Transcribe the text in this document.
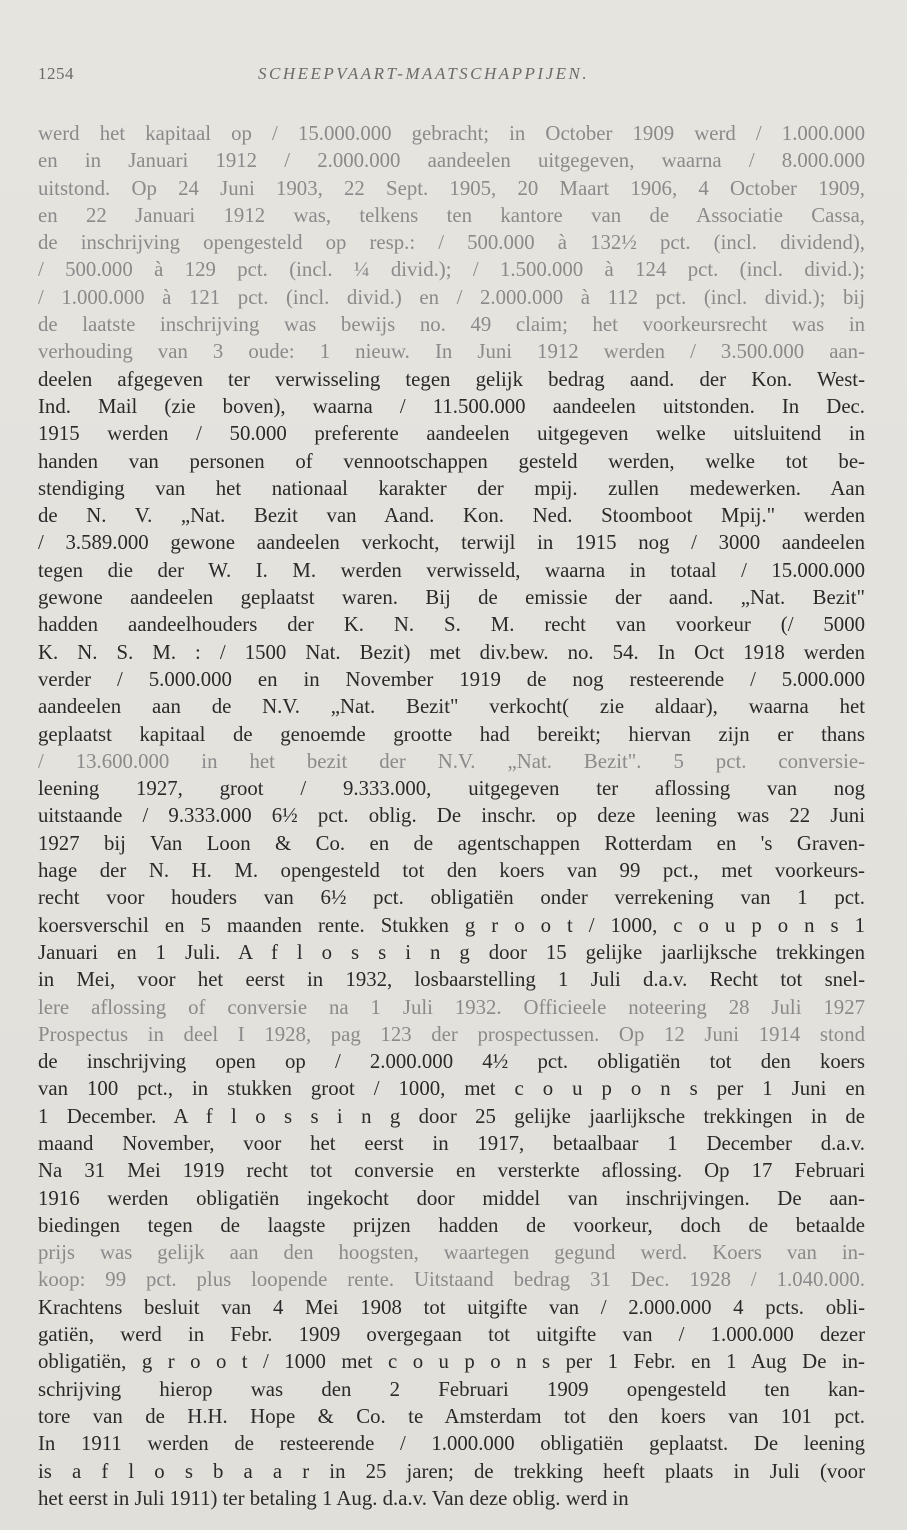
1254	SCHEEPVAART-MAATSCHAPPIJEN.
werd het kapitaal op / 15.000.000 gebracht; in October 1909 werd / 1.000.000
en in Januari 1912 / 2.000.000 aandeelen uitgegeven, waarna / 8.000.000
uitstond. Op 24 Juni 1903, 22 Sept. 1905, 20 Maart 1906, 4 October 1909,
en 22 Januari 1912 was, telkens ten kantore van de Associatie Cassa,
de inschrijving opengesteld op resp.: / 500.000 à 132½ pct. (incl. dividend),
/ 500.000 à 129 pct. (incl. ¼ divid.); / 1.500.000 à 124 pct. (incl. divid.);
/ 1.000.000 à 121 pct. (incl. divid.) en / 2.000.000 à 112 pct. (incl. divid.); bij
de laatste inschrijving was bewijs no. 49 claim; het voorkeursrecht was in
verhouding van 3 oude: 1 nieuw. In Juni 1912 werden / 3.500.000 aan-
deelen afgegeven ter verwisseling tegen gelijk bedrag aand. der Kon. West-
Ind. Mail (zie boven), waarna / 11.500.000 aandeelen uitstonden. In Dec.
1915 werden / 50.000 preferente aandeelen uitgegeven welke uitsluitend in
handen van personen of vennootschappen gesteld werden, welke tot be-
stendiging van het nationaal karakter der mpij. zullen medewerken. Aan
de N. V. „Nat. Bezit van Aand. Kon. Ned. Stoomboot Mpij." werden
/ 3.589.000 gewone aandeelen verkocht, terwijl in 1915 nog / 3000 aandeelen
tegen die der W. I. M. werden verwisseld, waarna in totaal / 15.000.000
gewone aandeelen geplaatst waren. Bij de emissie der aand. „Nat. Bezit"
hadden aandeelhouders der K. N. S. M. recht van voorkeur (/ 5000
K. N. S. M. : / 1500 Nat. Bezit) met div.bew. no. 54. In Oct 1918 werden
verder / 5.000.000 en in November 1919 de nog resteerende / 5.000.000
aandeelen aan de N.V. „Nat. Bezit" verkocht( zie aldaar), waarna het
geplaatst kapitaal de genoemde grootte had bereikt; hiervan zijn er thans
/ 13.600.000 in het bezit der N.V. „Nat. Bezit". 5 pct. conversie-
leening 1927, groot / 9.333.000, uitgegeven ter aflossing van nog
uitstaande / 9.333.000 6½ pct. oblig. De inschr. op deze leening was 22 Juni
1927 bij Van Loon & Co. en de agentschappen Rotterdam en 's Graven-
hage der N. H. M. opengesteld tot den koers van 99 pct., met voorkeurs-
recht voor houders van 6½ pct. obligatiën onder verrekening van 1 pct.
koersverschil en 5 maanden rente. Stukken g r o o t / 1000, c o u p o n s 1
Januari en 1 Juli. A f l o s s i n g door 15 gelijke jaarlijksche trekkingen
in Mei, voor het eerst in 1932, losbaarstelling 1 Juli d.a.v. Recht tot snel-
lere aflossing of conversie na 1 Juli 1932. Officieele noteering 28 Juli 1927
Prospectus in deel I 1928, pag 123 der prospectussen. Op 12 Juni 1914 stond
de inschrijving open op / 2.000.000 4½ pct. obligatiën tot den koers
van 100 pct., in stukken groot / 1000, met c o u p o n s per 1 Juni en
1 December. A f l o s s i n g door 25 gelijke jaarlijksche trekkingen in de
maand November, voor het eerst in 1917, betaalbaar 1 December d.a.v.
Na 31 Mei 1919 recht tot conversie en versterkte aflossing. Op 17 Februari
1916 werden obligatiën ingekocht door middel van inschrijvingen. De aan-
biedingen tegen de laagste prijzen hadden de voorkeur, doch de betaalde
prijs was gelijk aan den hoogsten, waartegen gegund werd. Koers van in-
koop: 99 pct. plus loopende rente. Uitstaand bedrag 31 Dec. 1928 / 1.040.000.
Krachtens besluit van 4 Mei 1908 tot uitgifte van / 2.000.000 4 pcts. obli-
gatiën, werd in Febr. 1909 overgegaan tot uitgifte van / 1.000.000 dezer
obligatiën, g r o o t / 1000 met c o u p o n s per 1 Febr. en 1 Aug De in-
schrijving hierop was den 2 Februari 1909 opengesteld ten kan-
tore van de H.H. Hope & Co. te Amsterdam tot den koers van 101 pct.
In 1911 werden de resteerende / 1.000.000 obligatiën geplaatst. De leening
is a f l o s b a a r in 25 jaren; de trekking heeft plaats in Juli (voor
het eerst in Juli 1911) ter betaling 1 Aug. d.a.v. Van deze oblig. werd in
